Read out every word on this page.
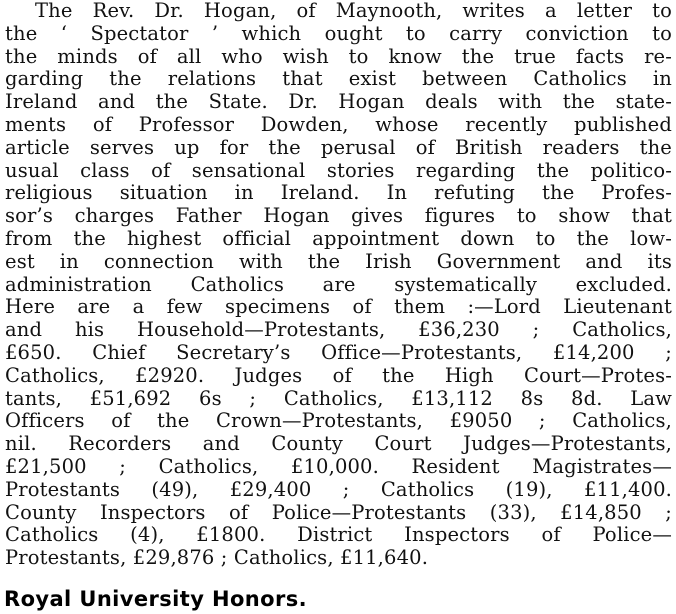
The Rev. Dr. Hogan, of Maynooth, writes a letter to
the ‘ Spectator ’ which ought to carry conviction to
the minds of all who wish to know the true facts re-
garding the relations that exist between Catholics in
Ireland and the State. Dr. Hogan deals with the state-
ments of Professor Dowden, whose recently published
article serves up for the perusal of British readers the
usual class of sensational stories regarding the politico-
religious situation in Ireland. In refuting the Profes-
sor’s charges Father Hogan gives figures to show that
from the highest official appointment down to the low-
est in connection with the Irish Government and its
administration Catholics are systematically excluded.
Here are a few specimens of them :—Lord Lieutenant
and his Household—Protestants, £36,230 ; Catholics,
£650. Chief Secretary’s Office—Protestants, £14,200 ;
Catholics, £2920. Judges of the High Court—Protes-
tants, £51,692 6s ; Catholics, £13,112 8s 8d. Law
Officers of the Crown—Protestants, £9050 ; Catholics,
nil. Recorders and County Court Judges—Protestants,
£21,500 ; Catholics, £10,000. Resident Magistrates—
Protestants (49), £29,400 ; Catholics (19), £11,400.
County Inspectors of Police—Protestants (33), £14,850 ;
Catholics (4), £1800. District Inspectors of Police—
Protestants, £29,876 ; Catholics, £11,640.
Royal University Honors.
